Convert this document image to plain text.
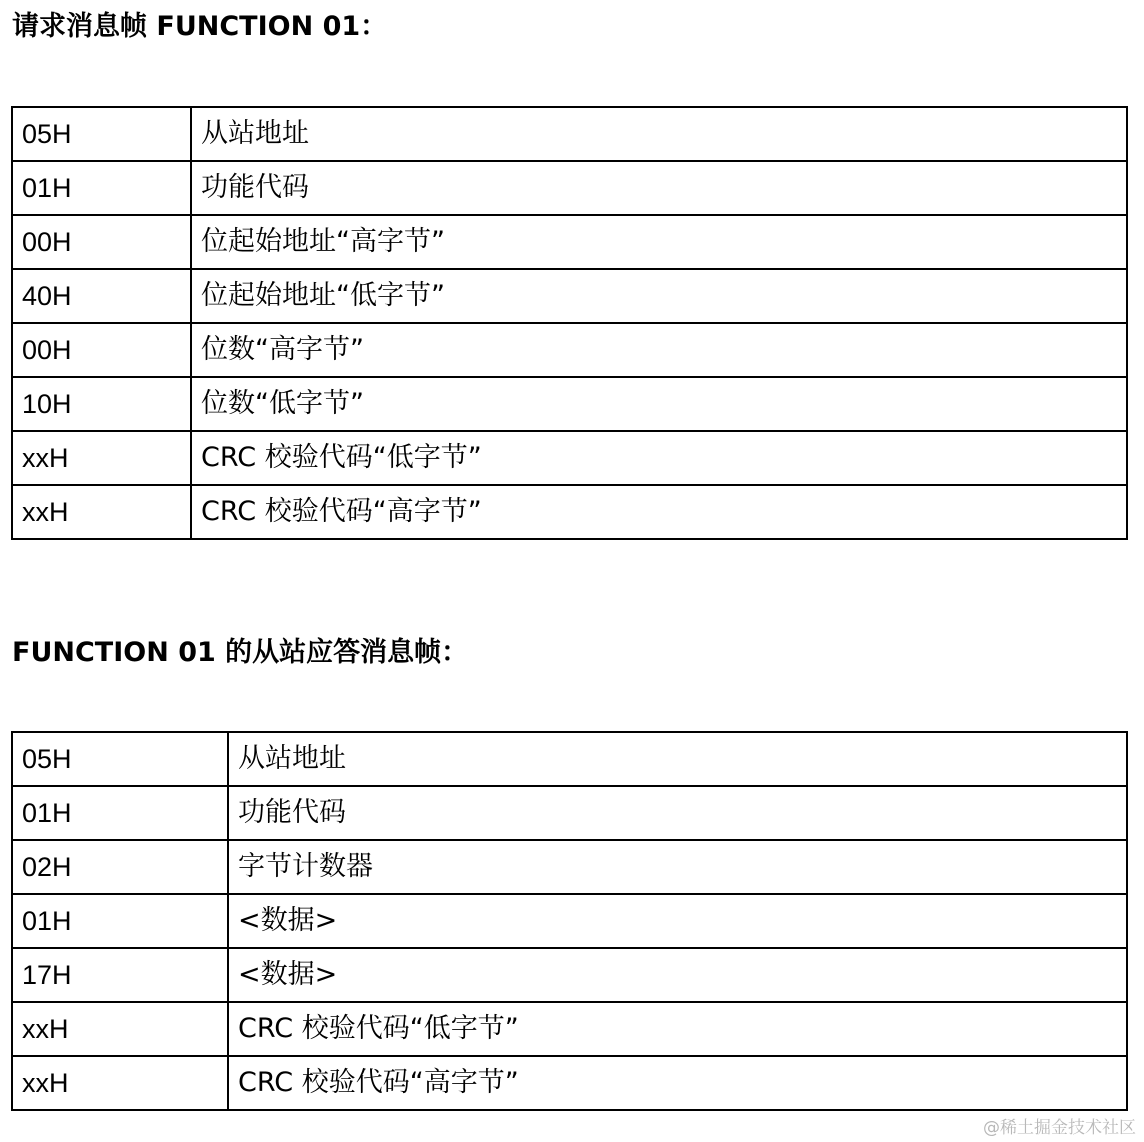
请求消息帧 FUNCTION 01：
05H	从站地址
01H	功能代码
00H	位起始地址“高字节”
40H	位起始地址“低字节”
00H	位数“高字节”
10H	位数“低字节”
xxH	CRC 校验代码“低字节”
xxH	CRC 校验代码“高字节”
FUNCTION 01 的从站应答消息帧：
05H	从站地址
01H	功能代码
02H	字节计数器
01H	<数据>
17H	<数据>
xxH	CRC 校验代码“低字节”
xxH	CRC 校验代码“高字节”
@稀土掘金技术社区
